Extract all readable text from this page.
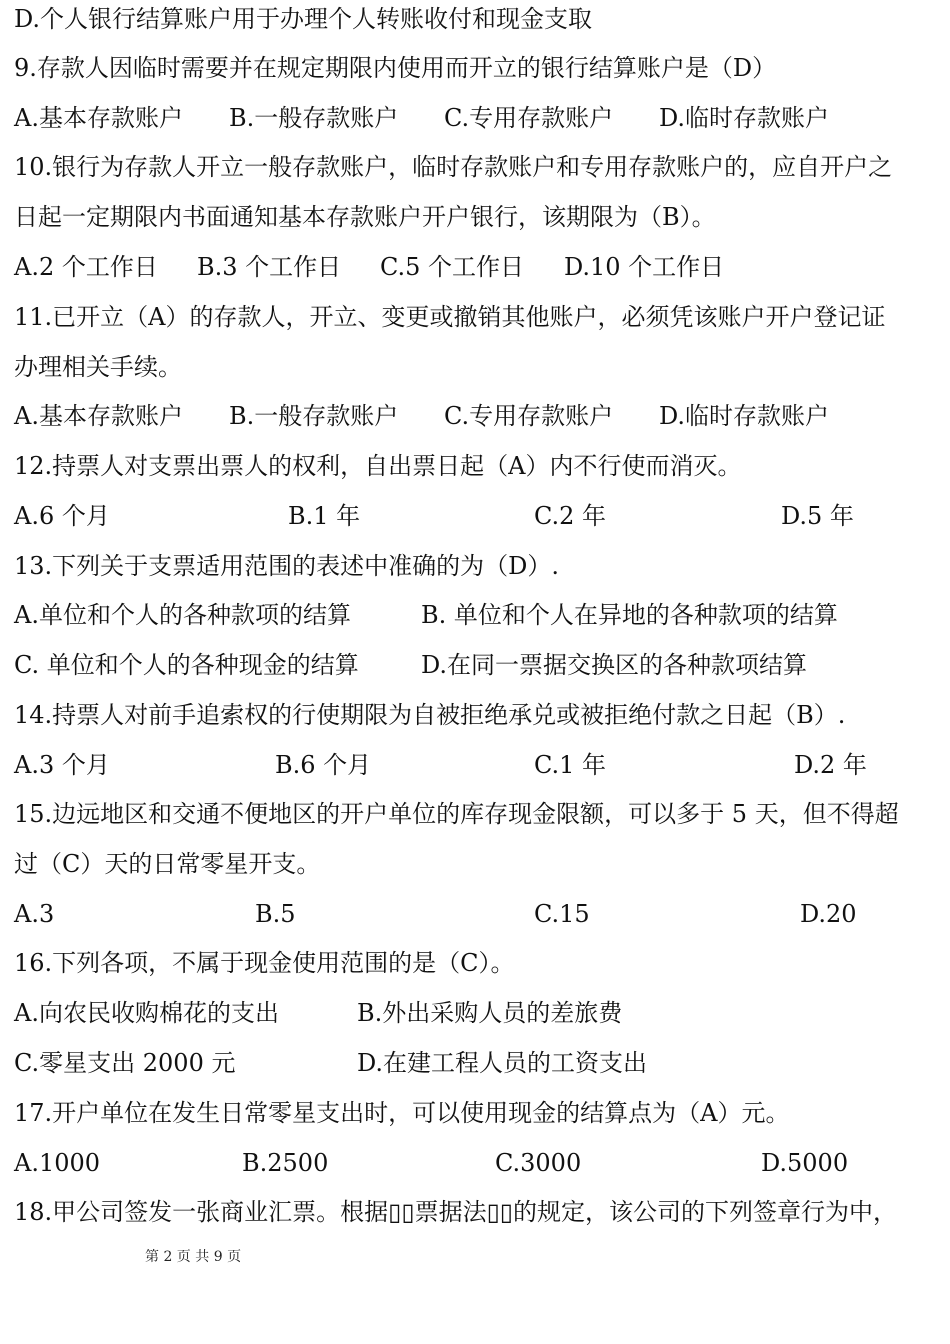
D.个人银行结算账户用于办理个人转账收付和现金支取
9.存款人因临时需要并在规定期限内使用而开立的银行结算账户是（D）
A.基本存款账户 B.一般存款账户 C.专用存款账户 D.临时存款账户
10.银行为存款人开立一般存款账户，临时存款账户和专用存款账户的，应自开户之
日起一定期限内书面通知基本存款账户开户银行，该期限为（B）。
A.2 个工作日 B.3 个工作日 C.5 个工作日 D.10 个工作日
11.已开立（A）的存款人，开立、变更或撤销其他账户，必须凭该账户开户登记证
办理相关手续。
A.基本存款账户 B.一般存款账户 C.专用存款账户 D.临时存款账户
12.持票人对支票出票人的权利，自出票日起（A）内不行使而消灭。
A.6 个月	B.1 年	C.2 年	D.5 年
13.下列关于支票适用范围的表述中准确的为（D）.
A.单位和个人的各种款项的结算	B. 单位和个人在异地的各种款项的结算
C. 单位和个人的各种现金的结算	D.在同一票据交换区的各种款项结算
14.持票人对前手追索权的行使期限为自被拒绝承兑或被拒绝付款之日起（B）.
A.3 个月	B.6 个月	C.1 年	D.2 年
15.边远地区和交通不便地区的开户单位的库存现金限额，可以多于 5 天，但不得超
过（C）天的日常零星开支。
A.3	B.5	C.15	D.20
16.下列各项，不属于现金使用范围的是（C）。
A.向农民收购棉花的支出	B.外出采购人员的差旅费
C.零星支出 2000 元	D.在建工程人员的工资支出
17.开户单位在发生日常零星支出时，可以使用现金的结算点为（A）元。
A.1000	B.2500	C.3000	D.5000
18.甲公司签发一张商业汇票。根据▯▯票据法▯▯的规定，该公司的下列签章行为中，
第 2 页 共 9 页
